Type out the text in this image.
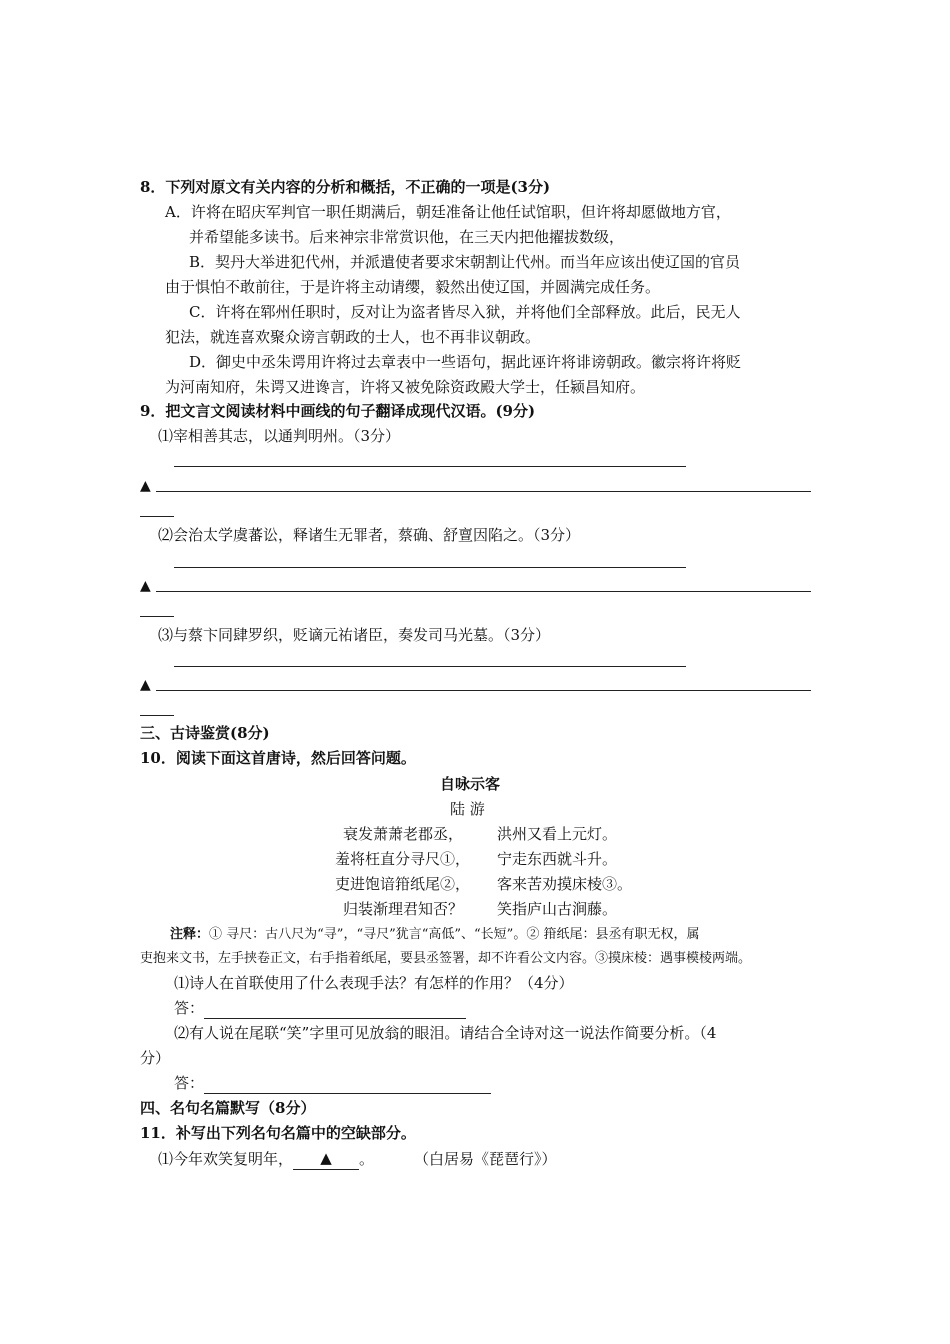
8．下列对原文有关内容的分析和概括，不正确的一项是(3分)
A．许将在昭庆军判官一职任期满后，朝廷准备让他任试馆职，但许将却愿做地方官，
并希望能多读书。后来神宗非常赏识他，在三天内把他擢拔数级，
B．契丹大举进犯代州，并派遣使者要求宋朝割让代州。而当年应该出使辽国的官员
由于惧怕不敢前往，于是许将主动请缨，毅然出使辽国，并圆满完成任务。
C．许将在郓州任职时，反对让为盗者皆尽入狱，并将他们全部释放。此后，民无人
犯法，就连喜欢聚众谤言朝政的士人，也不再非议朝政。
D．御史中丞朱谔用许将过去章表中一些语句，据此诬许将诽谤朝政。徽宗将许将贬
为河南知府，朱谔又进谗言，许将又被免除资政殿大学士，任颍昌知府。
9．把文言文阅读材料中画线的句子翻译成现代汉语。(9分)
⑴宰相善其志，以通判明州。（3分）
▲
⑵会治太学虞蕃讼，释诸生无罪者，蔡确、舒亶因陷之。（3分）
▲
⑶与蔡卞同肆罗织，贬谪元祐诸臣，奏发司马光墓。（3分）
▲
三、古诗鉴赏(8分)
10．阅读下面这首唐诗，然后回答问题。
自咏示客
陆 游
衰发萧萧老郡丞， 洪州又看上元灯。
羞将枉直分寻尺①， 宁走东西就斗升。
吏进饱谙箝纸尾②， 客来苦劝摸床棱③。
归装渐理君知否？ 笑指庐山古涧藤。
注释：① 寻尺：古八尺为“寻”，“寻尺”犹言“高低”、“长短”。② 箝纸尾：县丞有职无权，属
吏抱来文书，左手挟卷正文，右手指着纸尾，要县丞签署，却不许看公文内容。③摸床棱：遇事模棱两端。
⑴诗人在首联使用了什么表现手法？有怎样的作用？（4分）
答：
⑵有人说在尾联“笑”字里可见放翁的眼泪。请结合全诗对这一说法作简要分析。（4
分）
答：
四、名句名篇默写（8分）
11．补写出下列名句名篇中的空缺部分。
⑴今年欢笑复明年， ▲ 。	（白居易《琵琶行》）
